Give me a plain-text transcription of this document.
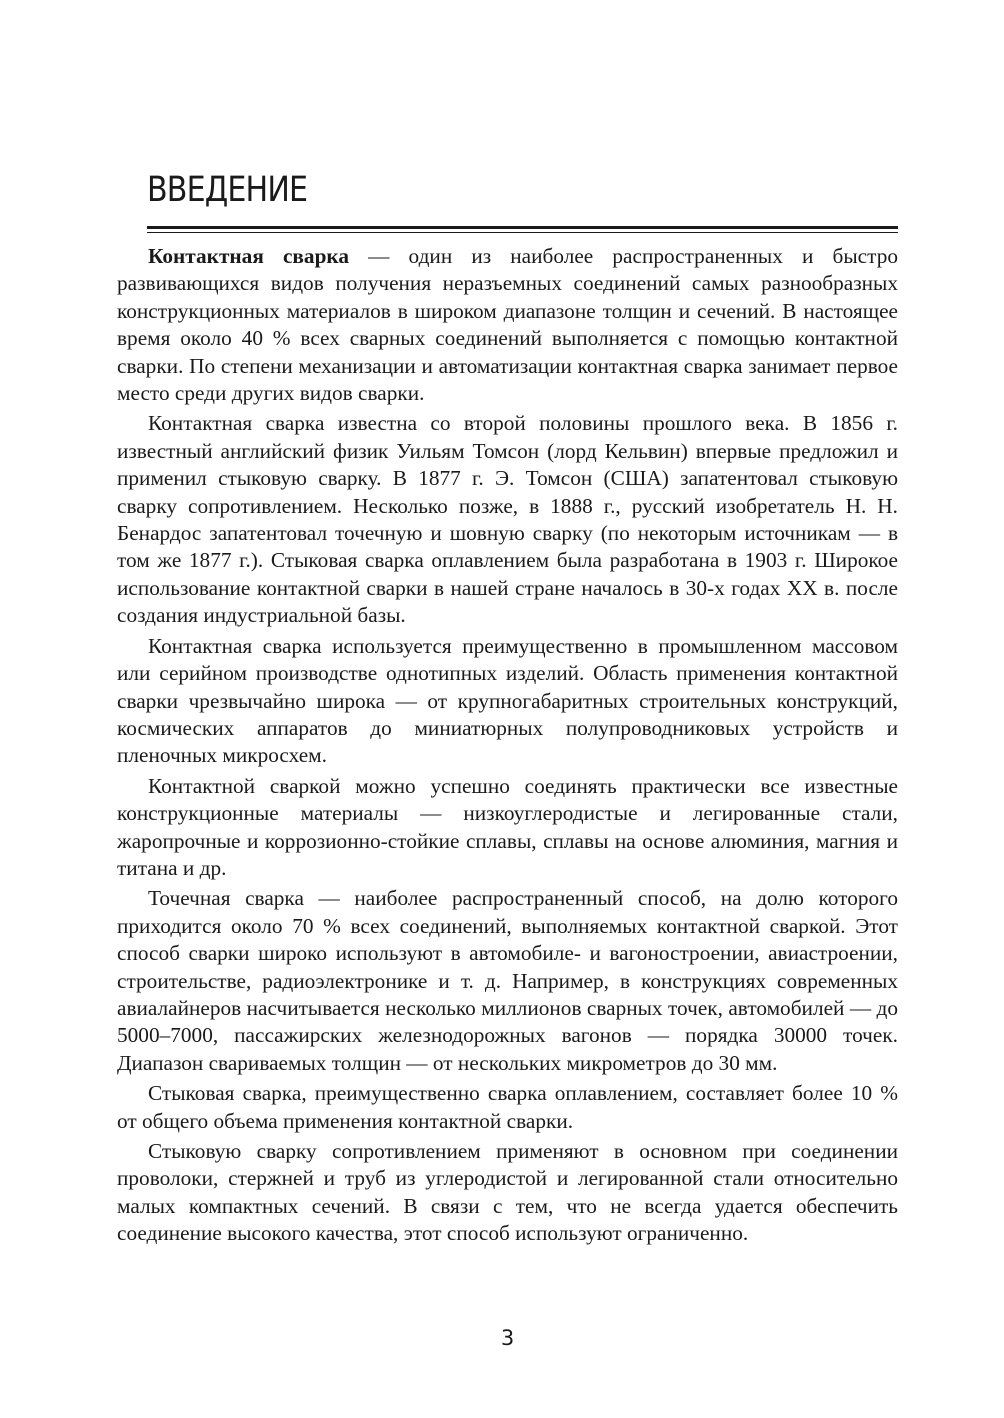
ВВЕДЕНИЕ

Контактная сварка — один из наиболее распространенных и быстро развивающихся видов получения неразъемных соединений самых разнообразных конструкционных материалов в широком диапазоне толщин и сечений. В настоящее время около 40 % всех сварных соединений выполняется с помощью контактной сварки. По степени механизации и автоматизации контактная сварка занимает первое место среди других видов сварки.

Контактная сварка известна со второй половины прошлого века. В 1856 г. известный английский физик Уильям Томсон (лорд Кельвин) впервые предложил и применил стыковую сварку. В 1877 г. Э. Томсон (США) запатентовал стыковую сварку сопротивлением. Несколько позже, в 1888 г., русский изобретатель Н. Н. Бенардос запатентовал точечную и шовную сварку (по некоторым источникам — в том же 1877 г.). Стыковая сварка оплавлением была разработана в 1903 г. Широкое использование контактной сварки в нашей стране началось в 30-х годах XX в. после создания индустриальной базы.

Контактная сварка используется преимущественно в промышленном массовом или серийном производстве однотипных изделий. Область применения контактной сварки чрезвычайно широка — от крупногабаритных строительных конструкций, космических аппаратов до миниатюрных полупроводниковых устройств и пленочных микросхем.

Контактной сваркой можно успешно соединять практически все известные конструкционные материалы — низкоуглеродистые и легированные стали, жаропрочные и коррозионно-стойкие сплавы, сплавы на основе алюминия, магния и титана и др.

Точечная сварка — наиболее распространенный способ, на долю которого приходится около 70 % всех соединений, выполняемых контактной сваркой. Этот способ сварки широко используют в автомобиле- и вагоностроении, авиастроении, строительстве, радиоэлектронике и т. д. Например, в конструкциях современных авиалайнеров насчитывается несколько миллионов сварных точек, автомобилей — до 5000–7000, пассажирских железнодорожных вагонов — порядка 30000 точек. Диапазон свариваемых толщин — от нескольких микрометров до 30 мм.

Стыковая сварка, преимущественно сварка оплавлением, составляет более 10 % от общего объема применения контактной сварки.

Стыковую сварку сопротивлением применяют в основном при соединении проволоки, стержней и труб из углеродистой и легированной стали относительно малых компактных сечений. В связи с тем, что не всегда удается обеспечить соединение высокого качества, этот способ используют ограниченно.

3
